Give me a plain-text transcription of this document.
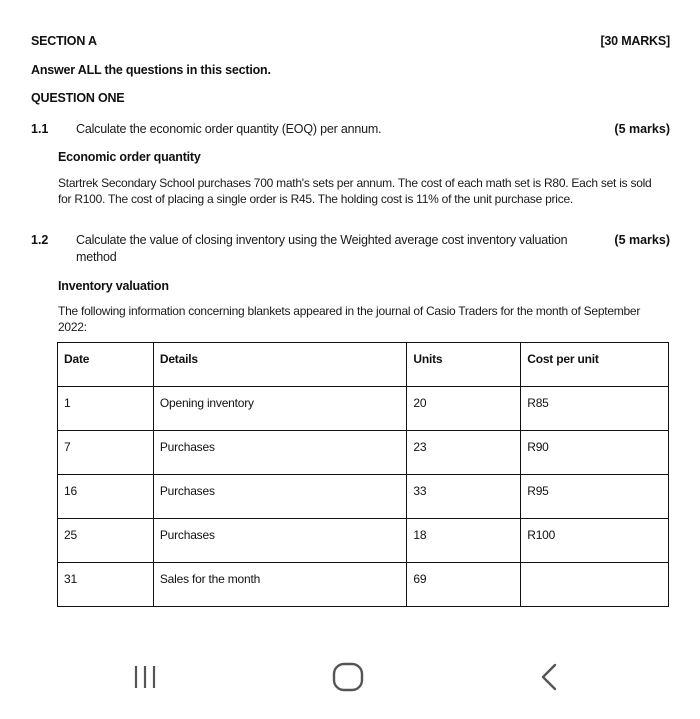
SECTION A	[30 MARKS]
Answer ALL the questions in this section.
QUESTION ONE
1.1 Calculate the economic order quantity (EOQ) per annum.	(5 marks)
Economic order quantity
Startrek Secondary School purchases 700 math's sets per annum. The cost of each math set is R80. Each set is sold for R100. The cost of placing a single order is R45. The holding cost is 11% of the unit purchase price.
1.2 Calculate the value of closing inventory using the Weighted average cost inventory valuation
method
(5 marks)
Inventory valuation
The following information concerning blankets appeared in the journal of Casio Traders for the month of September 2022:
Date	Details	Units	Cost per unit
1	Opening inventory	20	R85
7	Purchases	23	R90
16	Purchases	33	R95
25	Purchases	18	R100
31	Sales for the month	69	
